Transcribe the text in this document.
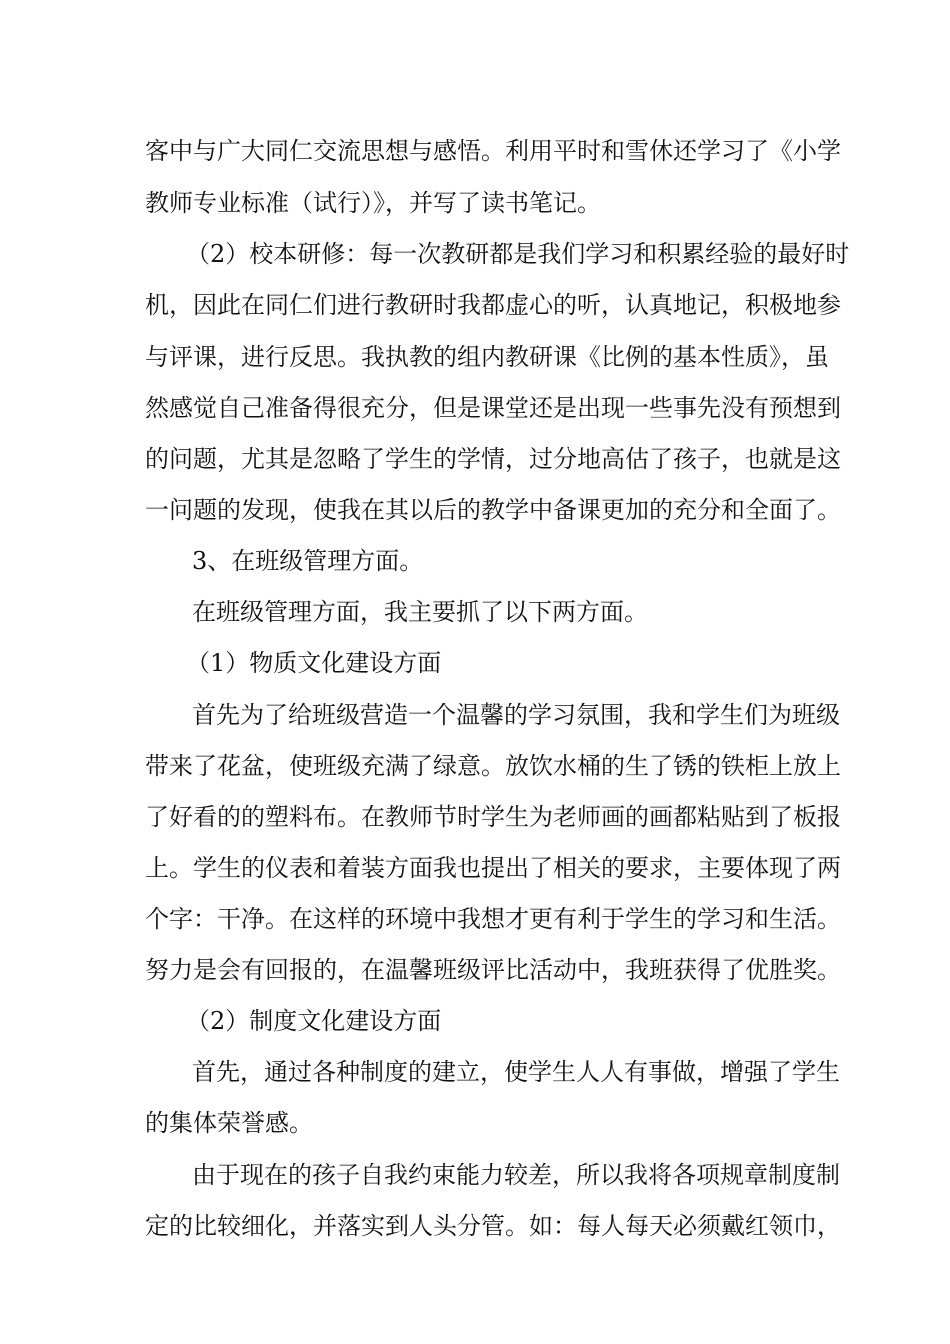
客中与广大同仁交流思想与感悟。利用平时和雪休还学习了《小学

教师专业标准（试行）》，并写了读书笔记。

（2）校本研修：每一次教研都是我们学习和积累经验的最好时

机，因此在同仁们进行教研时我都虚心的听，认真地记，积极地参

与评课，进行反思。我执教的组内教研课《比例的基本性质》，虽

然感觉自己准备得很充分，但是课堂还是出现一些事先没有预想到

的问题，尤其是忽略了学生的学情，过分地高估了孩子，也就是这

一问题的发现，使我在其以后的教学中备课更加的充分和全面了。

3、在班级管理方面。

在班级管理方面，我主要抓了以下两方面。

（1）物质文化建设方面

首先为了给班级营造一个温馨的学习氛围，我和学生们为班级

带来了花盆，使班级充满了绿意。放饮水桶的生了锈的铁柜上放上

了好看的的塑料布。在教师节时学生为老师画的画都粘贴到了板报

上。学生的仪表和着装方面我也提出了相关的要求，主要体现了两

个字：干净。在这样的环境中我想才更有利于学生的学习和生活。

努力是会有回报的，在温馨班级评比活动中，我班获得了优胜奖。

（2）制度文化建设方面

首先，通过各种制度的建立，使学生人人有事做，增强了学生

的集体荣誉感。

由于现在的孩子自我约束能力较差，所以我将各项规章制度制

定的比较细化，并落实到人头分管。如：每人每天必须戴红领巾，
